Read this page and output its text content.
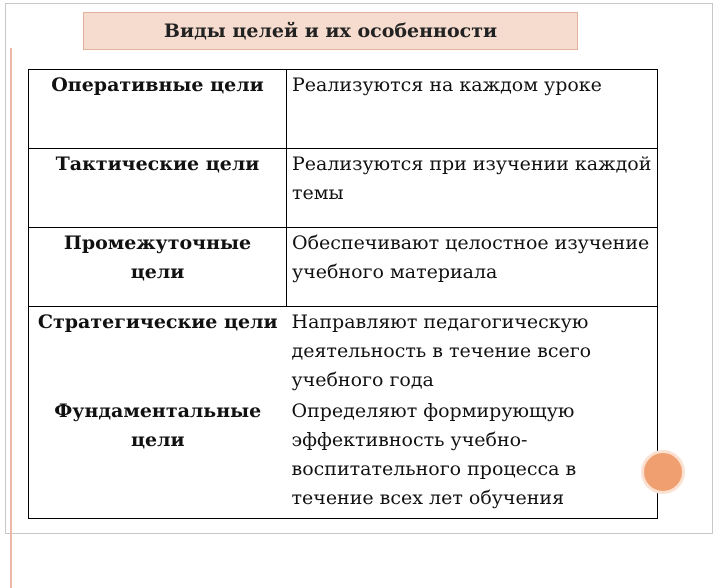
Виды целей и их особенности
Оперативные цели	Реализуются на каждом уроке
Тактические цели	Реализуются при изучении каждой темы
Промежуточные цели	Обеспечивают целостное изучение учебного материала
Стратегические цели	Направляют педагогическую деятельность в течение всего учебного года
Фундаментальные цели	Определяют формирующую эффективность учебно-воспитательного процесса в течение всех лет обучения
